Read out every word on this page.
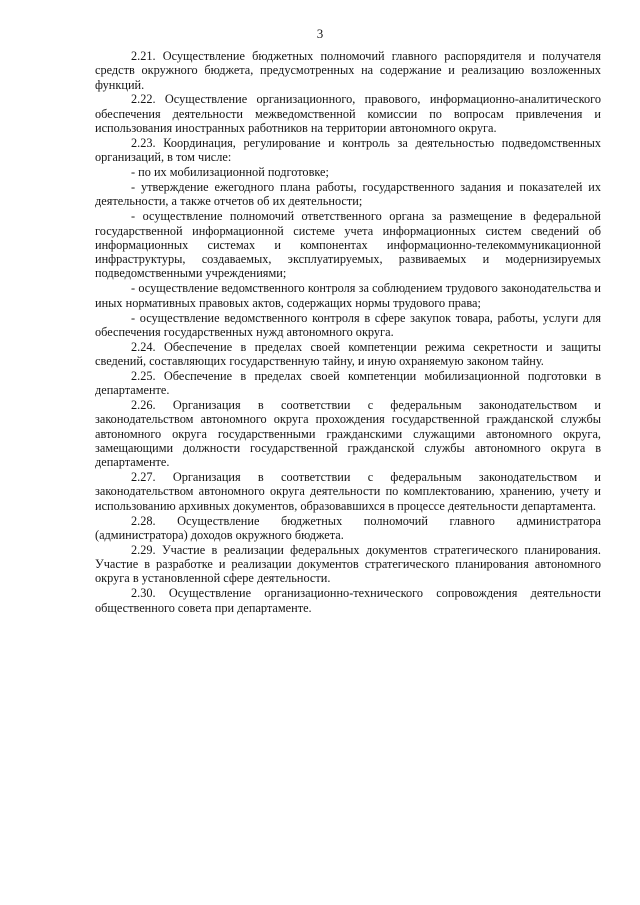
3

2.21. Осуществление бюджетных полномочий главного распорядителя и получателя средств окружного бюджета, предусмотренных на содержание и реализацию возложенных функций.

2.22. Осуществление организационного, правового, информационно-аналитического обеспечения деятельности межведомственной комиссии по вопросам привлечения и использования иностранных работников на территории автономного округа.

2.23. Координация, регулирование и контроль за деятельностью подведомственных организаций, в том числе:

- по их мобилизационной подготовке;

- утверждение ежегодного плана работы, государственного задания и показателей их деятельности, а также отчетов об их деятельности;

- осуществление полномочий ответственного органа за размещение в федеральной государственной информационной системе учета информационных систем сведений об информационных системах и компонентах информационно-телекоммуникационной инфраструктуры, создаваемых, эксплуатируемых, развиваемых и модернизируемых подведомственными учреждениями;

- осуществление ведомственного контроля за соблюдением трудового законодательства и иных нормативных правовых актов, содержащих нормы трудового права;

- осуществление ведомственного контроля в сфере закупок товара, работы, услуги для обеспечения государственных нужд автономного округа.

2.24. Обеспечение в пределах своей компетенции режима секретности и защиты сведений, составляющих государственную тайну, и иную охраняемую законом тайну.

2.25. Обеспечение в пределах своей компетенции мобилизационной подготовки в департаменте.

2.26. Организация в соответствии с федеральным законодательством и законодательством автономного округа прохождения государственной гражданской службы автономного округа государственными гражданскими служащими автономного округа, замещающими должности государственной гражданской службы автономного округа в департаменте.

2.27. Организация в соответствии с федеральным законодательством и законодательством автономного округа деятельности по комплектованию, хранению, учету и использованию архивных документов, образовавшихся в процессе деятельности департамента.

2.28. Осуществление бюджетных полномочий главного администратора (администратора) доходов окружного бюджета.

2.29. Участие в реализации федеральных документов стратегического планирования. Участие в разработке и реализации документов стратегического планирования автономного округа в установленной сфере деятельности.

2.30. Осуществление организационно-технического сопровождения деятельности общественного совета при департаменте.
